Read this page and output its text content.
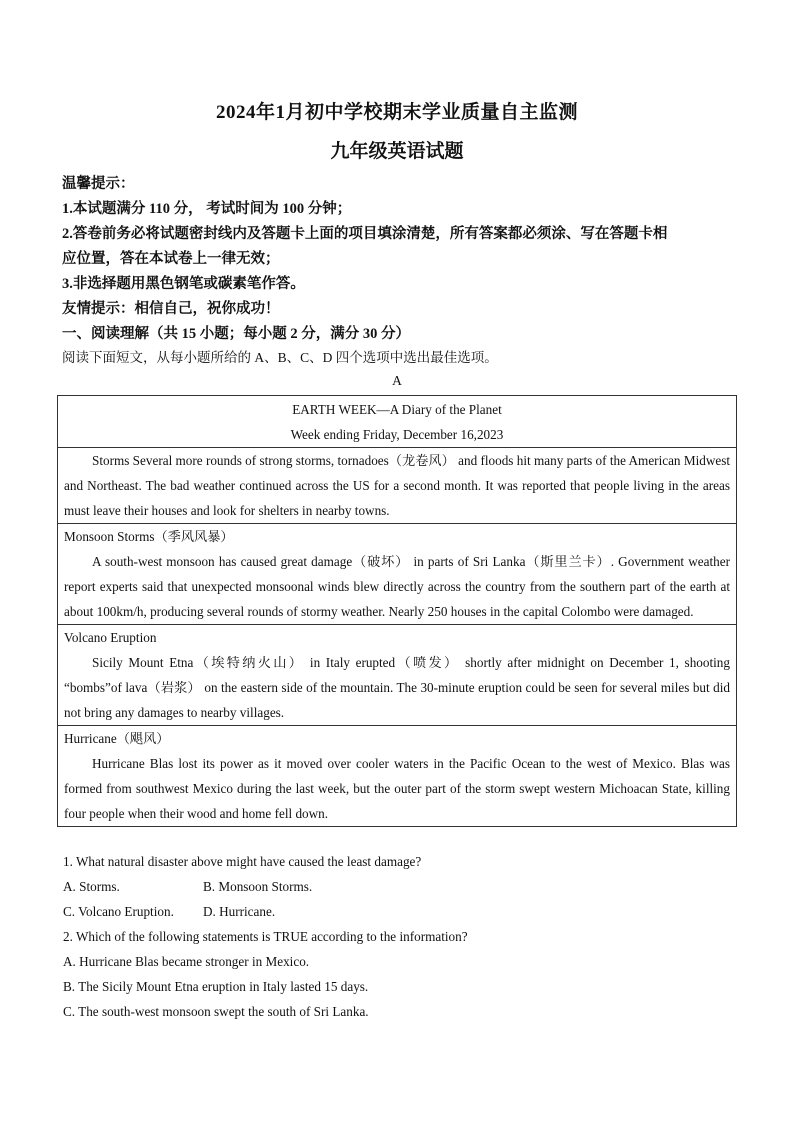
2024年1月初中学校期末学业质量自主监测
九年级英语试题
温馨提示：
1.本试题满分 110 分， 考试时间为 100 分钟；
2.答卷前务必将试题密封线内及答题卡上面的项目填涂清楚，所有答案都必须涂、写在答题卡相
应位置，答在本试卷上一律无效；
3.非选择题用黑色钢笔或碳素笔作答。
友情提示：相信自己，祝你成功！
一、阅读理解（共 15 小题；每小题 2 分，满分 30 分）
阅读下面短文，从每小题所给的 A、B、C、D 四个选项中选出最佳选项。
A
EARTH WEEK—A Diary of the Planet
Week ending Friday, December 16,2023
Storms Several more rounds of strong storms, tornadoes（龙卷风） and floods hit many parts of the American Midwest and Northeast. The bad weather continued across the US for a second month. It was reported that people living in the areas must leave their houses and look for shelters in nearby towns.
Monsoon Storms（季风风暴）
A south-west monsoon has caused great damage（破坏） in parts of Sri Lanka（斯里兰卡）. Government weather report experts said that unexpected monsoonal winds blew directly across the country from the southern part of the earth at about 100km/h, producing several rounds of stormy weather. Nearly 250 houses in the capital Colombo were damaged.
Volcano Eruption
Sicily Mount Etna（埃特纳火山） in Italy erupted（喷发） shortly after midnight on December 1, shooting “bombs”of lava（岩浆） on the eastern side of the mountain. The 30-minute eruption could be seen for several miles but did not bring any damages to nearby villages.
Hurricane（飓风）
Hurricane Blas lost its power as it moved over cooler waters in the Pacific Ocean to the west of Mexico. Blas was formed from southwest Mexico during the last week, but the outer part of the storm swept western Michoacan State, killing four people when their wood and home fell down.
1. What natural disaster above might have caused the least damage?
A. Storms.	B. Monsoon Storms.
C. Volcano Eruption.	D. Hurricane.
2. Which of the following statements is TRUE according to the information?
A. Hurricane Blas became stronger in Mexico.
B. The Sicily Mount Etna eruption in Italy lasted 15 days.
C. The south-west monsoon swept the south of Sri Lanka.
